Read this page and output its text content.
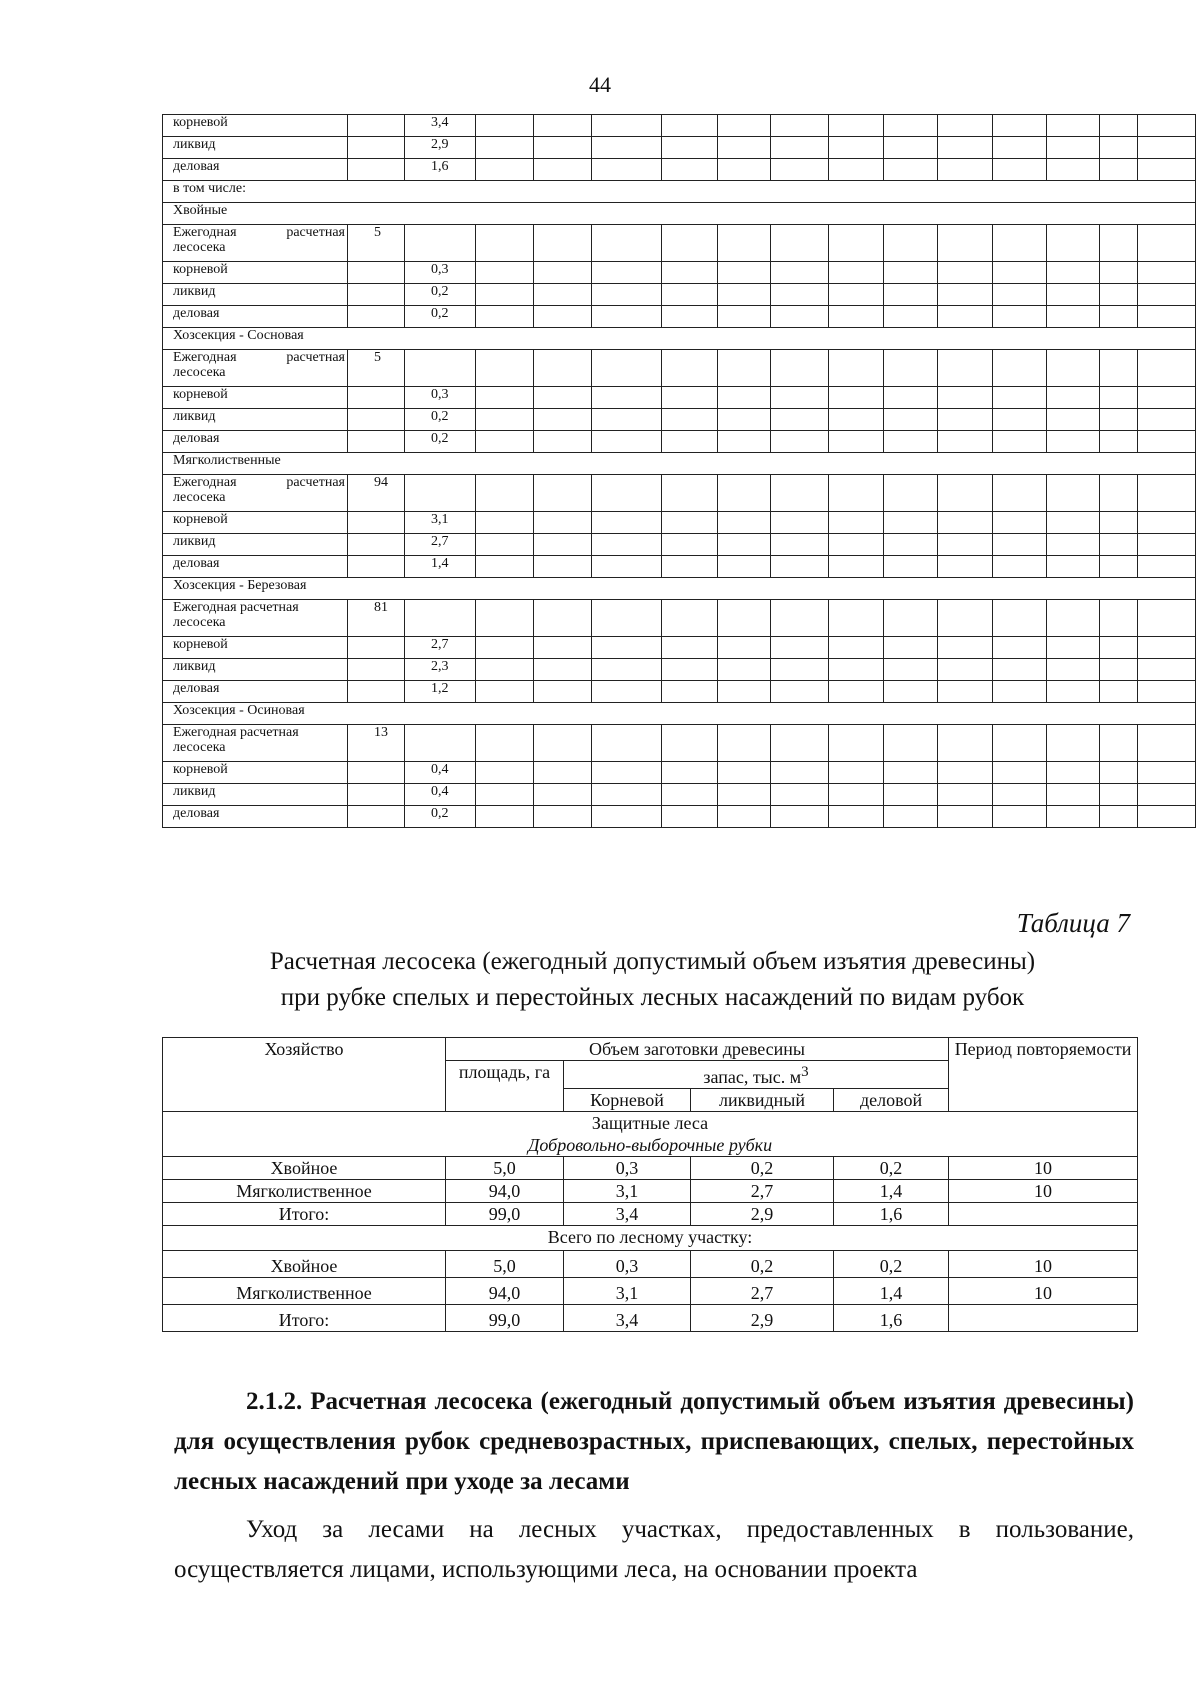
44
корневой		3,4													
ликвид		2,9													
деловая		1,6													
в том числе:															
Хвойные															

Ежегодная расчетная
лесосека	5														
корневой		0,3													
ликвид		0,2													
деловая		0,2													
Хозсекция - Сосновая															

Ежегодная расчетная
лесосека	5														
корневой		0,3													
ликвид		0,2													
деловая		0,2													
Мягколиственные															

Ежегодная расчетная
лесосека	94														
корневой		3,1													
ликвид		2,7													
деловая		1,4													
Хозсекция - Березовая															

Ежегодная расчетная
лесосека	81														
корневой		2,7													
ликвид		2,3													
деловая		1,2													
Хозсекция - Осиновая															

Ежегодная расчетная
лесосека	13														
корневой		0,4													
ликвид		0,4													
деловая		0,2													
Таблица 7
Расчетная лесосека (ежегодный допустимый объем изъятия древесины)
при рубке спелых и перестойных лесных насаждений по видам рубок
Хозяйство	Объем заготовки древесины				Период повторяемости
	площадь, га	запас, тыс. $м^3$
		Корневой	ликвидный	деловой	

Защитные леса
Добровольно-выборочные рубки					

Хвойное	5,0	0,3	0,2	0,2	10
Мягколиственное	94,0	3,1	2,7	1,4	10
Итого:	99,0	3,4	2,9	1,6	
Всего по лесному участку:					
Хвойное	5,0	0,3	0,2	0,2	10
Мягколиственное	94,0	3,1	2,7	1,4	10
Итого:	99,0	3,4	2,9	1,6	

2.1.2. Расчетная лесосека (ежегодный допустимый объем изъятия древесины) для осуществления рубок средневозрастных, приспевающих, спелых, перестойных лесных насаждений при уходе за лесами

Уход за лесами на лесных участках, предоставленных в пользование, осуществляется лицами, использующими леса, на основании проекта
